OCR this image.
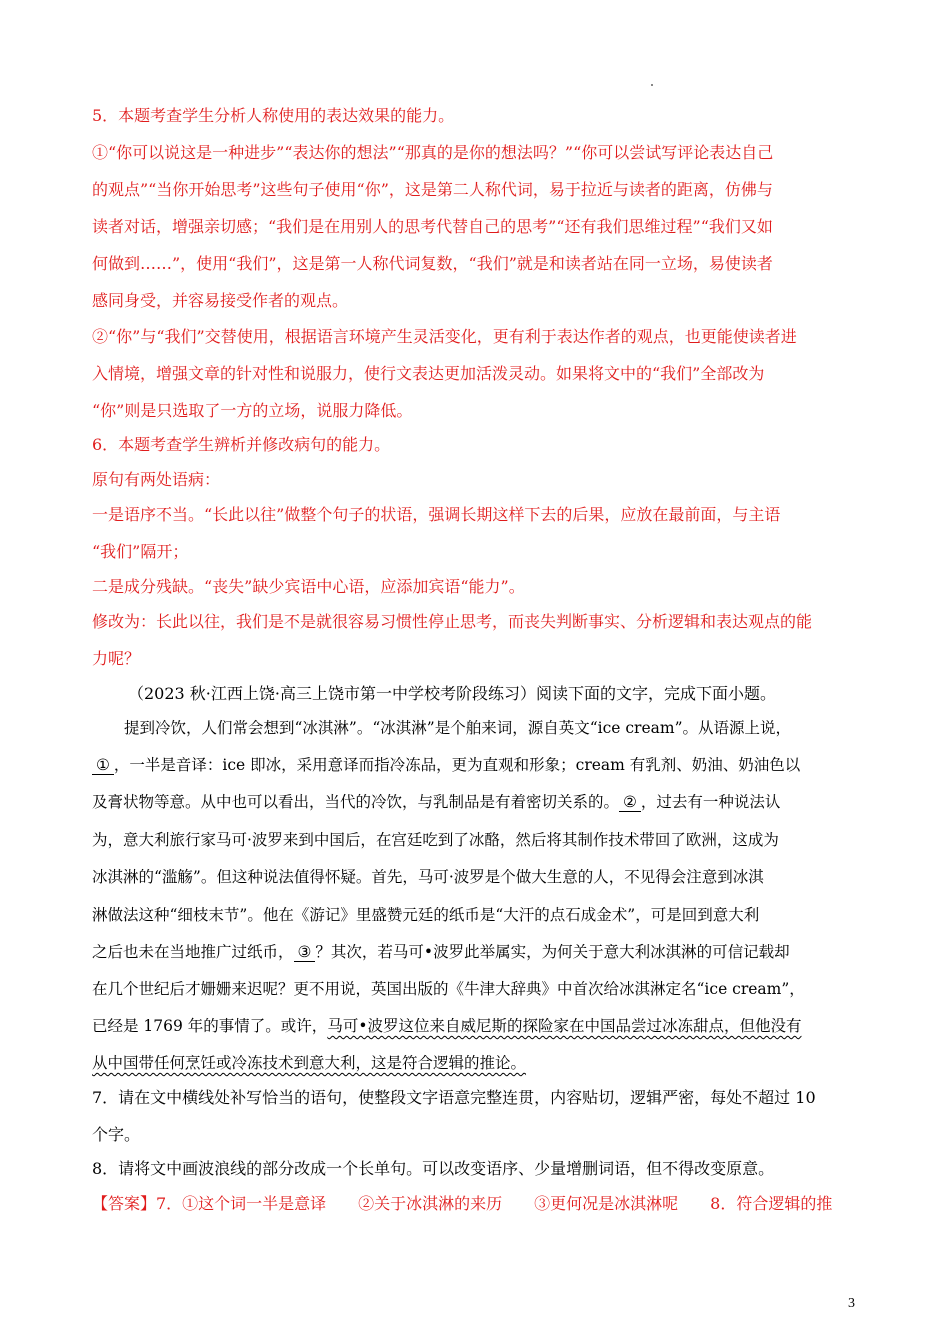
5．本题考查学生分析人称使用的表达效果的能力。
①“你可以说这是一种进步”“表达你的想法”“那真的是你的想法吗？”“你可以尝试写评论表达自己
的观点”“当你开始思考”这些句子使用“你”，这是第二人称代词，易于拉近与读者的距离，仿佛与
读者对话，增强亲切感；“我们是在用别人的思考代替自己的思考”“还有我们思维过程”“我们又如
何做到……”，使用“我们”，这是第一人称代词复数，“我们”就是和读者站在同一立场，易使读者
感同身受，并容易接受作者的观点。
②“你”与“我们”交替使用，根据语言环境产生灵活变化，更有利于表达作者的观点，也更能使读者进
入情境，增强文章的针对性和说服力，使行文表达更加活泼灵动。如果将文中的“我们”全部改为
“你”则是只选取了一方的立场，说服力降低。
6．本题考查学生辨析并修改病句的能力。
原句有两处语病：
一是语序不当。“长此以往”做整个句子的状语，强调长期这样下去的后果，应放在最前面，与主语
“我们”隔开；
二是成分残缺。“丧失”缺少宾语中心语，应添加宾语“能力”。
修改为：长此以往，我们是不是就很容易习惯性停止思考，而丧失判断事实、分析逻辑和表达观点的能
力呢？
（2023 秋·江西上饶·高三上饶市第一中学校考阶段练习）阅读下面的文字，完成下面小题。
提到冷饮，人们常会想到“冰淇淋”。“冰淇淋”是个舶来词，源自英文“ice cream”。从语源上说，
① ，一半是音译：ice 即冰，采用意译而指冷冻品，更为直观和形象；cream 有乳剂、奶油、奶油色以
及膏状物等意。从中也可以看出，当代的冷饮，与乳制品是有着密切关系的。 ② ，过去有一种说法认
为，意大利旅行家马可·波罗来到中国后，在宫廷吃到了冰酪，然后将其制作技术带回了欧洲，这成为
冰淇淋的“滥觞”。但这种说法值得怀疑。首先，马可·波罗是个做大生意的人，不见得会注意到冰淇
淋做法这种“细枝末节”。他在《游记》里盛赞元廷的纸币是“大汗的点石成金术”，可是回到意大利
之后也未在当地推广过纸币， ③ ？其次，若马可•波罗此举属实，为何关于意大利冰淇淋的可信记载却
在几个世纪后才姗姗来迟呢？更不用说，英国出版的《牛津大辞典》中首次给冰淇淋定名“ice cream”，
已经是 1769 年的事情了。或许，马可•波罗这位来自威尼斯的探险家在中国品尝过冰冻甜点，但他没有
从中国带任何烹饪或冷冻技术到意大利，这是符合逻辑的推论。
7．请在文中横线处补写恰当的语句，使整段文字语意完整连贯，内容贴切，逻辑严密，每处不超过 10
个字。
8．请将文中画波浪线的部分改成一个长单句。可以改变语序、少量增删词语，但不得改变原意。
【答案】7．①这个词一半是意译　　②关于冰淇淋的来历　　③更何况是冰淇淋呢　　8．符合逻辑的推
3
